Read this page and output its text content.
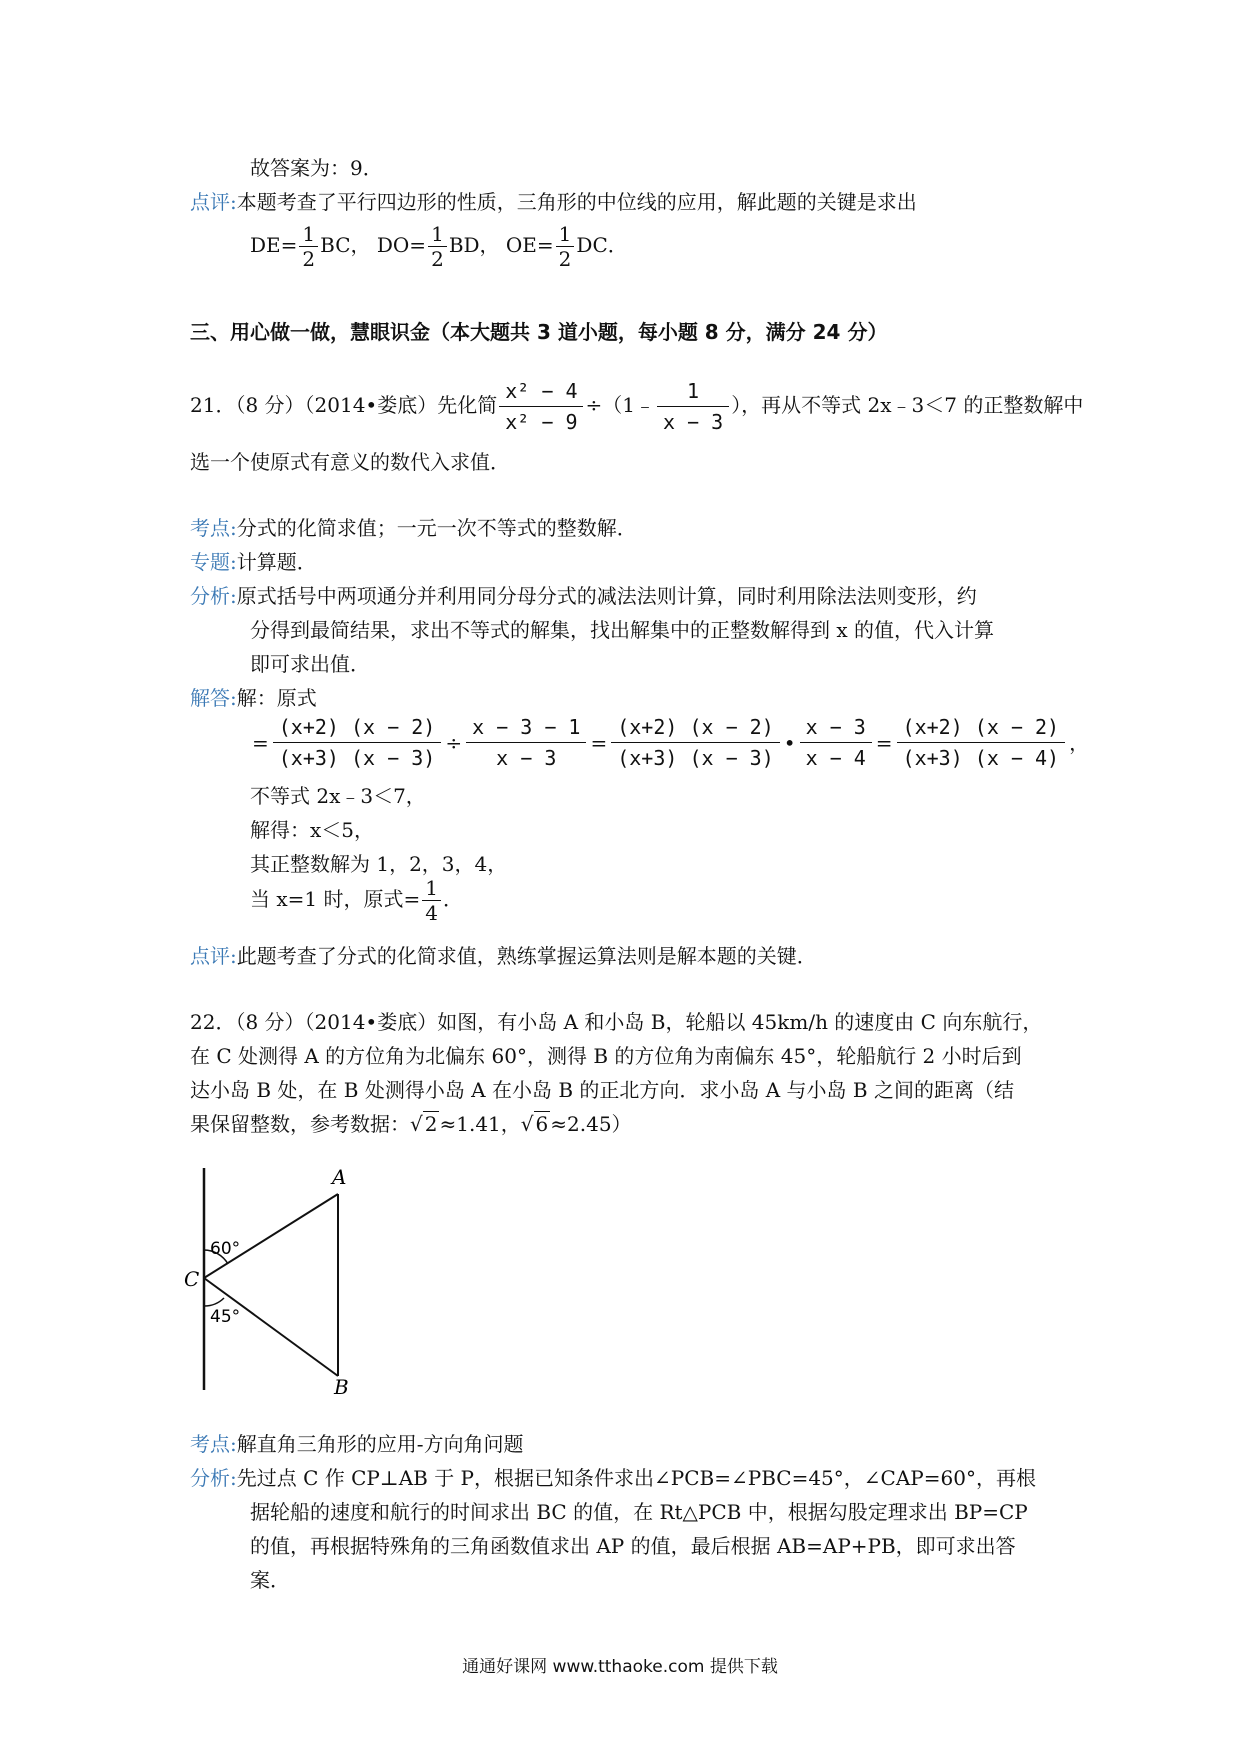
故答案为：9．
点评:本题考查了平行四边形的性质，三角形的中位线的应用，解此题的关键是求出
$DE= \frac{1}{2}$ BC， $DO= \frac{1}{2}$ BD， $OE= \frac{1}{2}$ DC．
三、用心做一做，慧眼识金（本大题共 3 道小题，每小题 8 分，满分 24 分）
21．（8 分）（2014•娄底）先化简 $\frac{\text{x² − 4}}{\text{x² − 9}}$ ÷（1﹣ $\frac{1}{x - 3}$ ），再从不等式 2x﹣3＜7 的正整数解中
选一个使原式有意义的数代入求值．
考点:分式的化简求值；一元一次不等式的整数解．
专题:计算题．
分析:原式括号中两项通分并利用同分母分式的减法法则计算，同时利用除法法则变形，约
分得到最简结果，求出不等式的解集，找出解集中的正整数解得到 x 的值，代入计算
即可求出值．
解答:解：原式
= $\frac{(x+2) (x - 2)}{(x+3) (x - 3)} \div \frac{x - 3 - 1}{x - 3} = \frac{(x+2) (x - 2)}{(x+3) (x - 3)}$ • $\frac{x - 3}{x - 4} = \frac{(x+2) (x - 2)}{(x+3) (x - 4)}$ ，
不等式 2x﹣3＜7，
解得：x＜5，
其正整数解为 1，2，3，4，
当 x=1 时，原式= $\frac{1}{4}$ ．
点评:此题考查了分式的化简求值，熟练掌握运算法则是解本题的关键．
22．（8 分）（2014•娄底）如图，有小岛 A 和小岛 B，轮船以 45km/h 的速度由 C 向东航行，
在 C 处测得 A 的方位角为北偏东 60°，测得 B 的方位角为南偏东 45°，轮船航行 2 小时后到
达小岛 B 处，在 B 处测得小岛 A 在小岛 B 的正北方向．求小岛 A 与小岛 B 之间的距离（结
果保留整数，参考数据：√ 2 ≈1.41，√ 6 ≈2.45）
A
B
C
60°
45°
考点:解直角三角形的应用-方向角问题
分析:先过点 C 作 CP⊥AB 于 P，根据已知条件求出∠PCB=∠PBC=45°，∠CAP=60°，再根
据轮船的速度和航行的时间求出 BC 的值，在 Rt△PCB 中，根据勾股定理求出 BP=CP
的值，再根据特殊角的三角函数值求出 AP 的值，最后根据 AB=AP+PB，即可求出答
案．
通通好课网 www.tthaoke.com 提供下载
